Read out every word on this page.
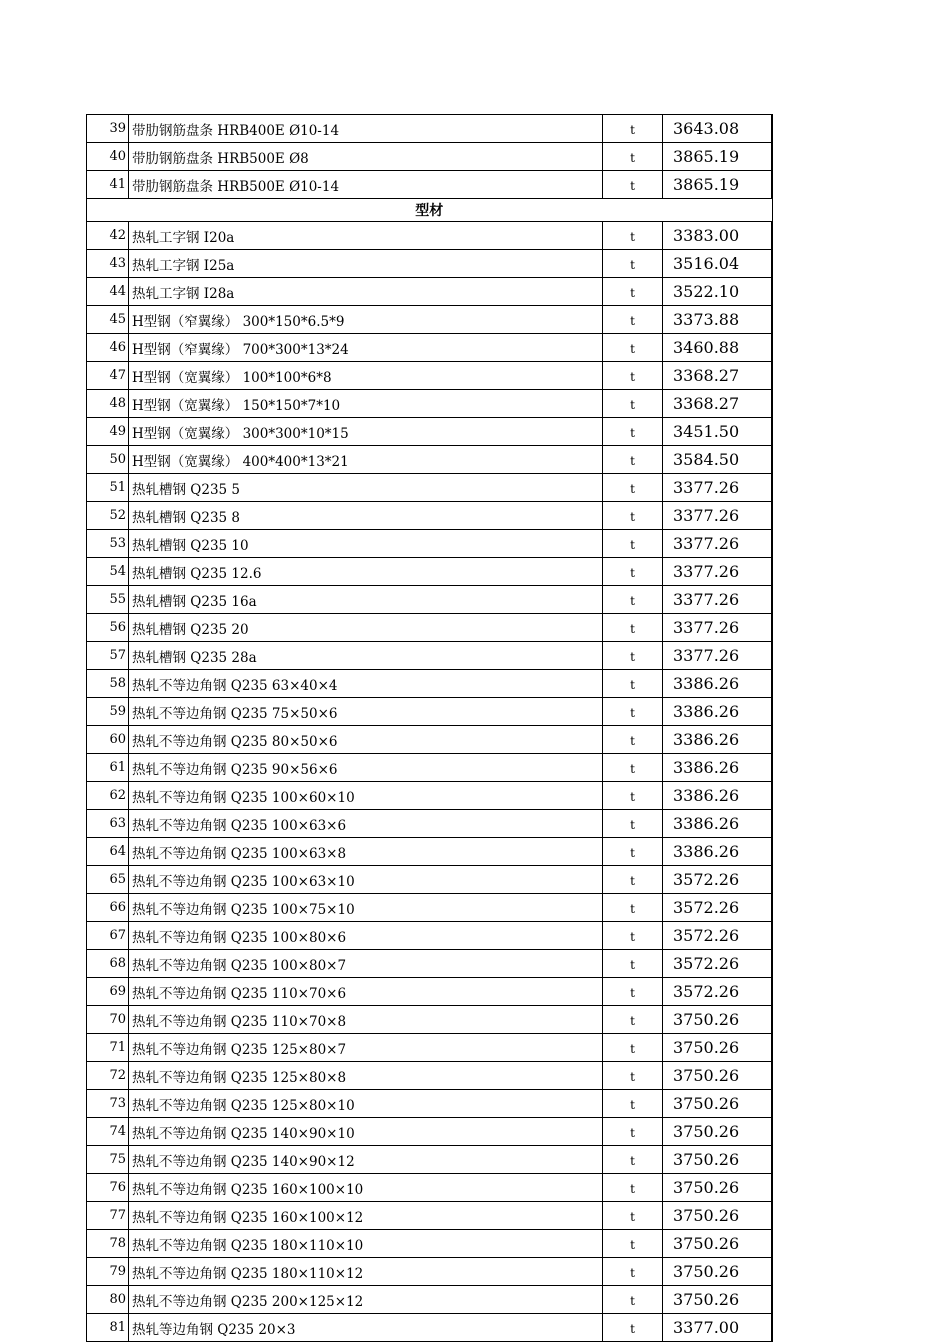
39	带肋钢筋盘条 HRB400E Ø10-14	t	3643.08
40	带肋钢筋盘条 HRB500E Ø8	t	3865.19
41	带肋钢筋盘条 HRB500E Ø10-14	t	3865.19
型材			
42	热轧工字钢 I20a	t	3383.00
43	热轧工字钢 I25a	t	3516.04
44	热轧工字钢 I28a	t	3522.10
45	H型钢（窄翼缘） 300*150*6.5*9	t	3373.88
46	H型钢（窄翼缘） 700*300*13*24	t	3460.88
47	H型钢（宽翼缘） 100*100*6*8	t	3368.27
48	H型钢（宽翼缘） 150*150*7*10	t	3368.27
49	H型钢（宽翼缘） 300*300*10*15	t	3451.50
50	H型钢（宽翼缘） 400*400*13*21	t	3584.50
51	热轧槽钢 Q235 5	t	3377.26
52	热轧槽钢 Q235 8	t	3377.26
53	热轧槽钢 Q235 10	t	3377.26
54	热轧槽钢 Q235 12.6	t	3377.26
55	热轧槽钢 Q235 16a	t	3377.26
56	热轧槽钢 Q235 20	t	3377.26
57	热轧槽钢 Q235 28a	t	3377.26
58	热轧不等边角钢 Q235 63×40×4	t	3386.26
59	热轧不等边角钢 Q235 75×50×6	t	3386.26
60	热轧不等边角钢 Q235 80×50×6	t	3386.26
61	热轧不等边角钢 Q235 90×56×6	t	3386.26
62	热轧不等边角钢 Q235 100×60×10	t	3386.26
63	热轧不等边角钢 Q235 100×63×6	t	3386.26
64	热轧不等边角钢 Q235 100×63×8	t	3386.26
65	热轧不等边角钢 Q235 100×63×10	t	3572.26
66	热轧不等边角钢 Q235 100×75×10	t	3572.26
67	热轧不等边角钢 Q235 100×80×6	t	3572.26
68	热轧不等边角钢 Q235 100×80×7	t	3572.26
69	热轧不等边角钢 Q235 110×70×6	t	3572.26
70	热轧不等边角钢 Q235 110×70×8	t	3750.26
71	热轧不等边角钢 Q235 125×80×7	t	3750.26
72	热轧不等边角钢 Q235 125×80×8	t	3750.26
73	热轧不等边角钢 Q235 125×80×10	t	3750.26
74	热轧不等边角钢 Q235 140×90×10	t	3750.26
75	热轧不等边角钢 Q235 140×90×12	t	3750.26
76	热轧不等边角钢 Q235 160×100×10	t	3750.26
77	热轧不等边角钢 Q235 160×100×12	t	3750.26
78	热轧不等边角钢 Q235 180×110×10	t	3750.26
79	热轧不等边角钢 Q235 180×110×12	t	3750.26
80	热轧不等边角钢 Q235 200×125×12	t	3750.26
81	热轧等边角钢 Q235 20×3	t	3377.00
